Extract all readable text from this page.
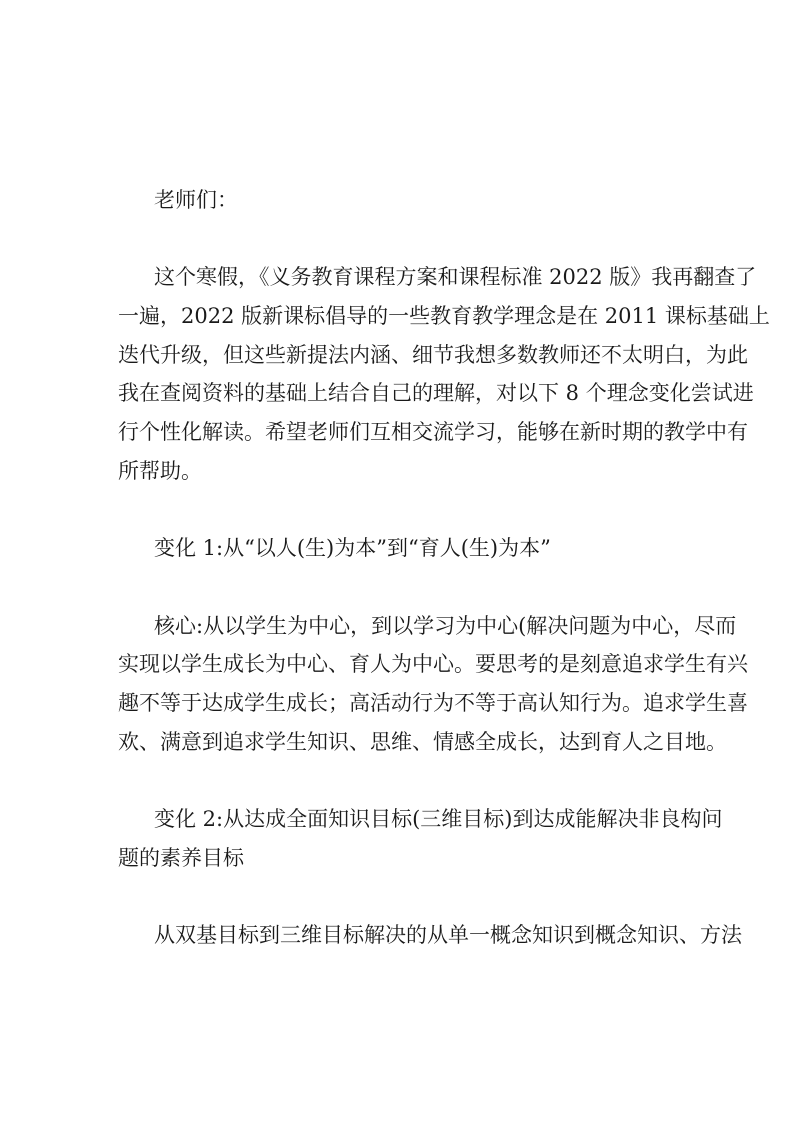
老师们：
这个寒假，《义务教育课程方案和课程标准 2022 版》我再翻查了
一遍，2022 版新课标倡导的一些教育教学理念是在 2011 课标基础上
迭代升级，但这些新提法内涵、细节我想多数教师还不太明白，为此
我在查阅资料的基础上结合自己的理解，对以下 8 个理念变化尝试进
行个性化解读。希望老师们互相交流学习，能够在新时期的教学中有
所帮助。
变化 1:从“以人(生)为本”到“育人(生)为本”
核心:从以学生为中心，到以学习为中心(解决问题为中心，尽而
实现以学生成长为中心、育人为中心。要思考的是刻意追求学生有兴
趣不等于达成学生成长；高活动行为不等于高认知行为。追求学生喜
欢、满意到追求学生知识、思维、情感全成长，达到育人之目地。
变化 2:从达成全面知识目标(三维目标)到达成能解决非良构问
题的素养目标
从双基目标到三维目标解决的从单一概念知识到概念知识、方法
